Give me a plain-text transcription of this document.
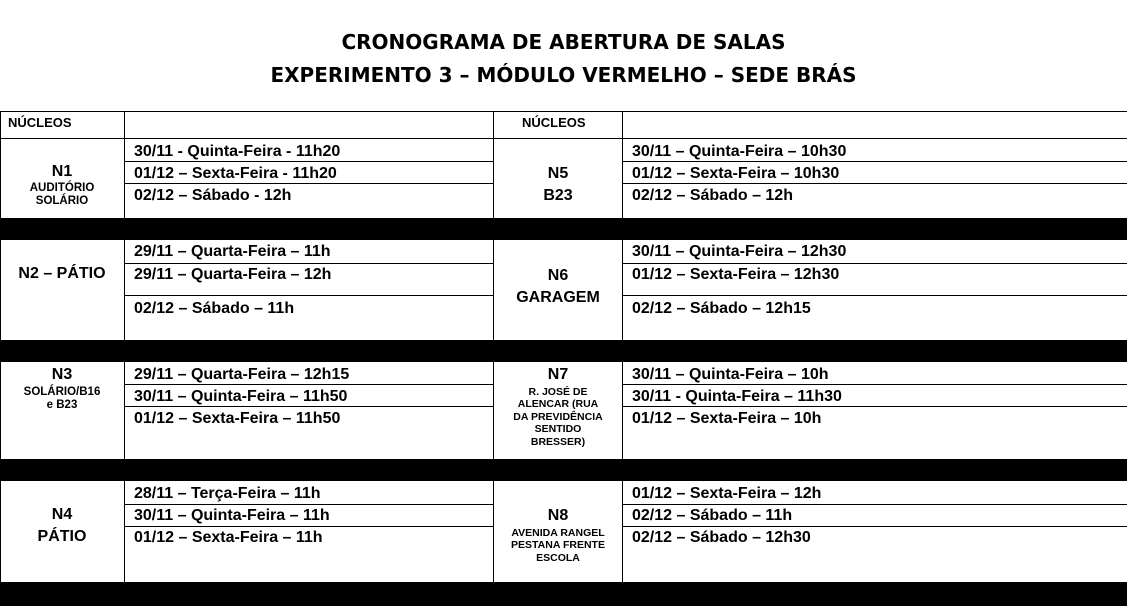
CRONOGRAMA DE ABERTURA DE SALAS
EXPERIMENTO 3 – MÓDULO VERMELHO – SEDE BRÁS
NÚCLEOS	NÚCLEOS
N1
AUDITÓRIO SOLÁRIO
30/11 - Quinta-Feira - 11h20
01/12 – Sexta-Feira - 11h20
02/12 – Sábado - 12h
N5
B23
30/11 – Quinta-Feira – 10h30
01/12 – Sexta-Feira – 10h30
02/12 – Sábado – 12h
N2 – PÁTIO
29/11 – Quarta-Feira – 11h
29/11 – Quarta-Feira – 12h
02/12 – Sábado – 11h
N6
GARAGEM
30/11 – Quinta-Feira – 12h30
01/12 – Sexta-Feira – 12h30
02/12 – Sábado – 12h15
N3
SOLÁRIO/B16 e B23
29/11 – Quarta-Feira – 12h15
30/11 – Quinta-Feira – 11h50
01/12 – Sexta-Feira – 11h50
N7
R. JOSÉ DE ALENCAR (RUA DA PREVIDÊNCIA SENTIDO BRESSER)
30/11 – Quinta-Feira – 10h
30/11 - Quinta-Feira – 11h30
01/12 – Sexta-Feira – 10h
N4
PÁTIO
28/11 – Terça-Feira – 11h
30/11 – Quinta-Feira – 11h
01/12 – Sexta-Feira – 11h
N8
AVENIDA RANGEL PESTANA FRENTE ESCOLA
01/12 – Sexta-Feira – 12h
02/12 – Sábado – 11h
02/12 – Sábado – 12h30
